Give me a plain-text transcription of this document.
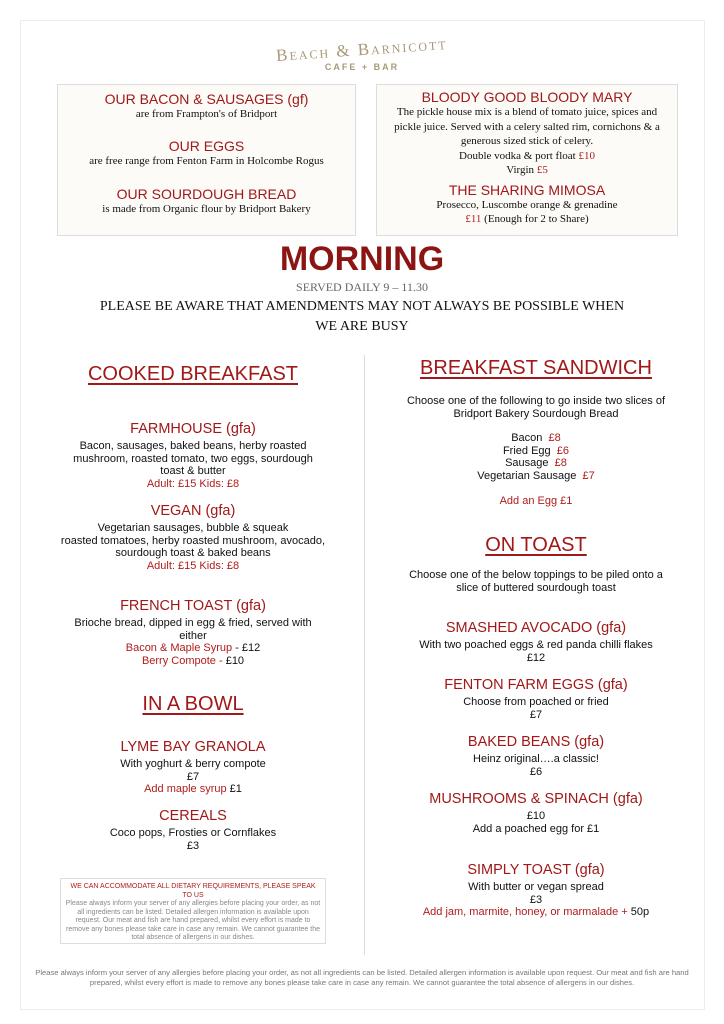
Beach & Barnicott
CAFE + BAR
OUR BACON & SAUSAGES (gf)
are from Frampton's of Bridport
OUR EGGS
are free range from Fenton Farm in Holcombe Rogus
OUR SOURDOUGH BREAD
is made from Organic flour by Bridport Bakery
BLOODY GOOD BLOODY MARY
The pickle house mix is a blend of tomato juice, spices and pickle juice. Served with a celery salted rim, cornichons & a generous sized stick of celery.
Double vodka & port float £10
Virgin £5
THE SHARING MIMOSA
Prosecco, Luscombe orange & grenadine
£11 (Enough for 2 to Share)
MORNING
SERVED DAILY 9 – 11.30
PLEASE BE AWARE THAT AMENDMENTS MAY NOT ALWAYS BE POSSIBLE WHEN WE ARE BUSY
COOKED BREAKFAST
FARMHOUSE (gfa)
Bacon, sausages, baked beans, herby roasted
mushroom, roasted tomato, two eggs, sourdough
toast & butter
Adult: £15 Kids: £8
VEGAN (gfa)
Vegetarian sausages, bubble & squeak
roasted tomatoes, herby roasted mushroom, avocado,
sourdough toast & baked beans
Adult: £15 Kids: £8
FRENCH TOAST (gfa)
Brioche bread, dipped in egg & fried, served with
either
Bacon & Maple Syrup - £12
Berry Compote - £10
IN A BOWL
LYME BAY GRANOLA
With yoghurt & berry compote
£7
Add maple syrup £1
CEREALS
Coco pops, Frosties or Cornflakes
£3
WE CAN ACCOMMODATE ALL DIETARY REQUIREMENTS, PLEASE SPEAK TO US
Please always inform your server of any allergies before placing your order, as not all ingredients can be listed. Detailed allergen information is available upon request. Our meat and fish are hand prepared, whilst every effort is made to remove any bones please take care in case any remain. We cannot guarantee the total absence of allergens in our dishes.
BREAKFAST SANDWICH
Choose one of the following to go inside two slices of
Bridport Bakery Sourdough Bread
Bacon £8
Fried Egg £6
Sausage £8
Vegetarian Sausage £7
Add an Egg £1
ON TOAST
Choose one of the below toppings to be piled onto a
slice of buttered sourdough toast
SMASHED AVOCADO (gfa)
With two poached eggs & red panda chilli flakes
£12
FENTON FARM EGGS (gfa)
Choose from poached or fried
£7
BAKED BEANS (gfa)
Heinz original….a classic!
£6
MUSHROOMS & SPINACH (gfa)
£10
Add a poached egg for £1
SIMPLY TOAST (gfa)
With butter or vegan spread
£3
Add jam, marmite, honey, or marmalade + 50p
Please always inform your server of any allergies before placing your order, as not all ingredients can be listed. Detailed allergen information is available upon request. Our meat and fish are hand prepared, whilst every effort is made to remove any bones please take care in case any remain. We cannot guarantee the total absence of allergens in our dishes.
